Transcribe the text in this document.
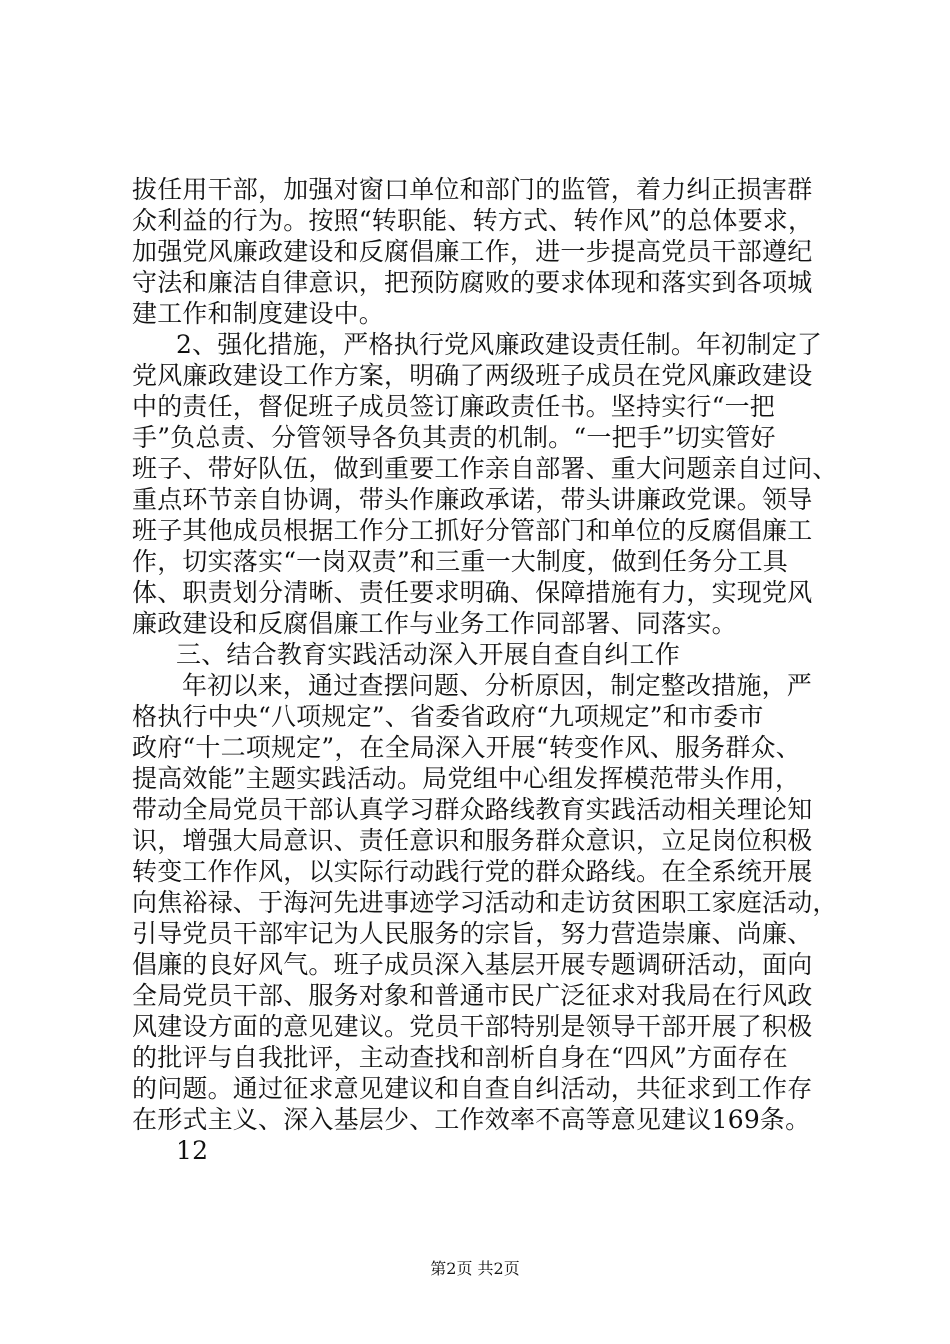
拔任用干部，加强对窗口单位和部门的监管，着力纠正损害群
众利益的行为。按照“转职能、转方式、转作风”的总体要求，
加强党风廉政建设和反腐倡廉工作，进一步提高党员干部遵纪
守法和廉洁自律意识，把预防腐败的要求体现和落实到各项城
建工作和制度建设中。
2、强化措施，严格执行党风廉政建设责任制。年初制定了
党风廉政建设工作方案，明确了两级班子成员在党风廉政建设
中的责任，督促班子成员签订廉政责任书。坚持实行“一把
手”负总责、分管领导各负其责的机制。“一把手”切实管好
班子、带好队伍，做到重要工作亲自部署、重大问题亲自过问、
重点环节亲自协调，带头作廉政承诺，带头讲廉政党课。领导
班子其他成员根据工作分工抓好分管部门和单位的反腐倡廉工
作，切实落实“一岗双责”和三重一大制度，做到任务分工具
体、职责划分清晰、责任要求明确、保障措施有力，实现党风
廉政建设和反腐倡廉工作与业务工作同部署、同落实。
三、结合教育实践活动深入开展自查自纠工作
年初以来，通过查摆问题、分析原因，制定整改措施，严
格执行中央“八项规定”、省委省政府“九项规定”和市委市
政府“十二项规定”，在全局深入开展“转变作风、服务群众、
提高效能”主题实践活动。局党组中心组发挥模范带头作用，
带动全局党员干部认真学习群众路线教育实践活动相关理论知
识，增强大局意识、责任意识和服务群众意识，立足岗位积极
转变工作作风，以实际行动践行党的群众路线。在全系统开展
向焦裕禄、于海河先进事迹学习活动和走访贫困职工家庭活动，
引导党员干部牢记为人民服务的宗旨，努力营造崇廉、尚廉、
倡廉的良好风气。班子成员深入基层开展专题调研活动，面向
全局党员干部、服务对象和普通市民广泛征求对我局在行风政
风建设方面的意见建议。党员干部特别是领导干部开展了积极
的批评与自我批评，主动查找和剖析自身在“四风”方面存在
的问题。通过征求意见建议和自查自纠活动，共征求到工作存
在形式主义、深入基层少、工作效率不高等意见建议169条。
12
第2页 共2页
